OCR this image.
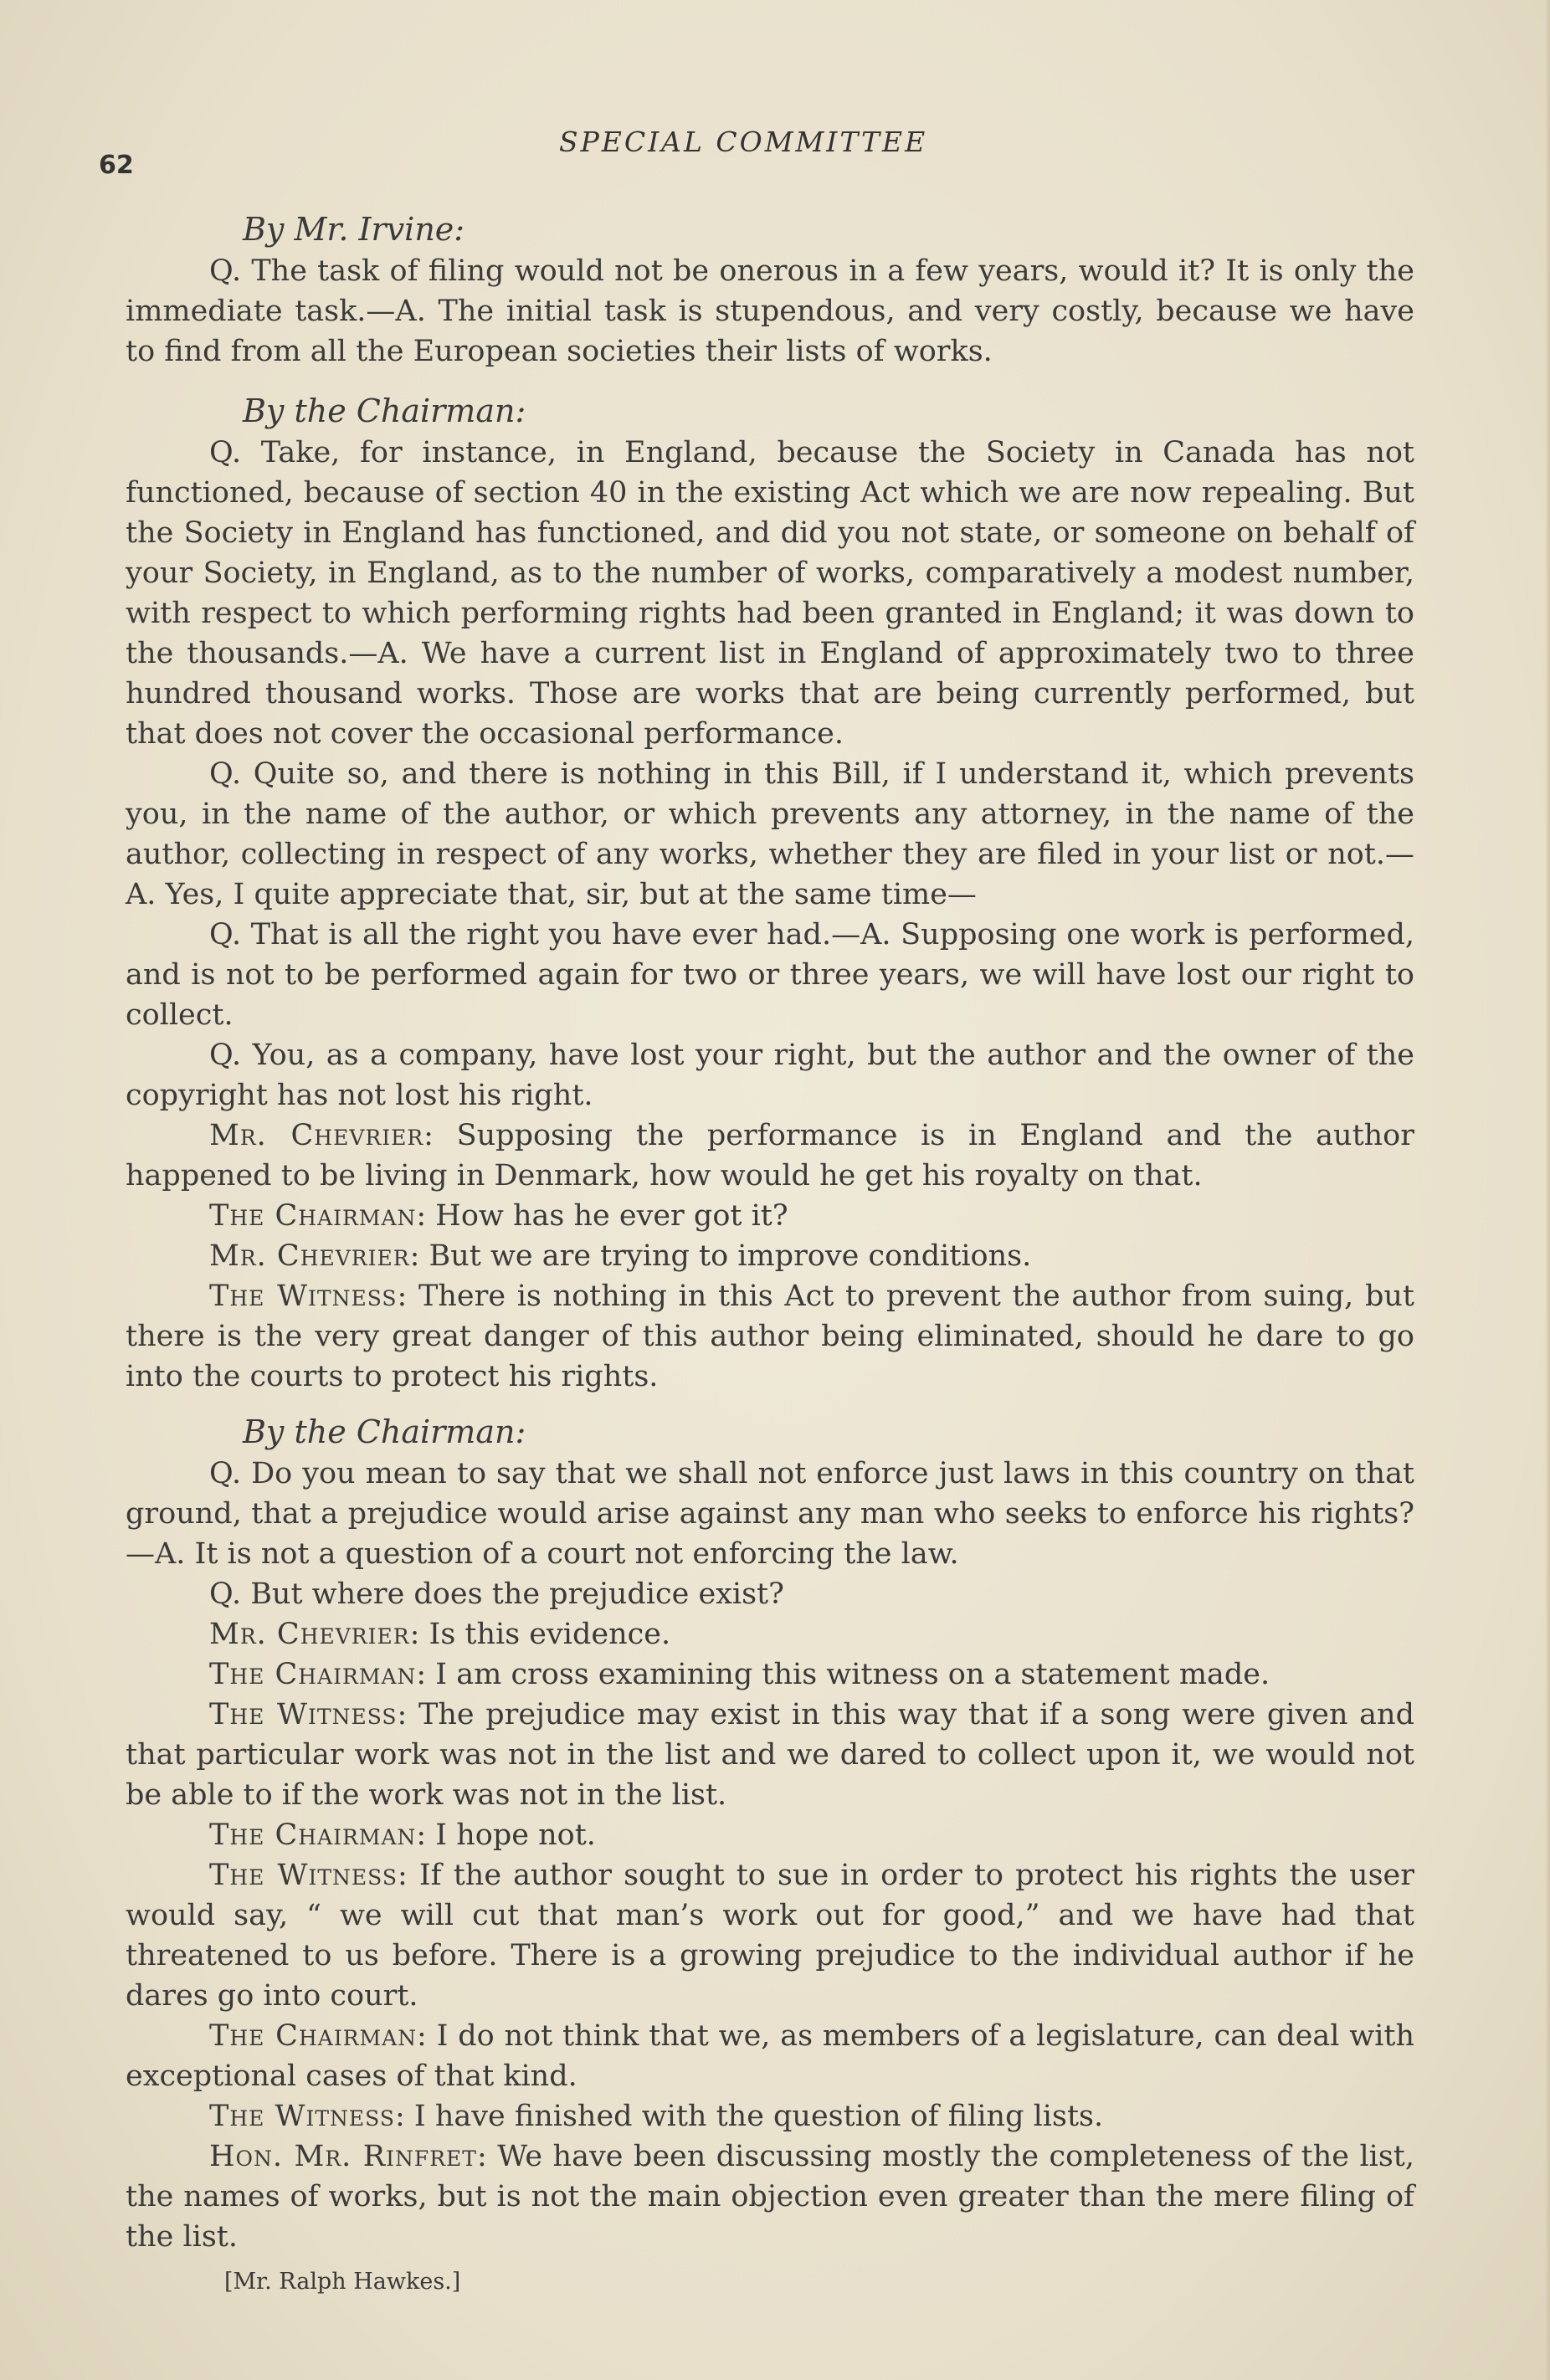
62
SPECIAL COMMITTEE

By Mr. Irvine:

Q. The task of filing would not be onerous in a few years, would it? It is only the immediate task.—A. The initial task is stupendous, and very costly, because we have to find from all the European societies their lists of works.

By the Chairman:

Q. Take, for instance, in England, because the Society in Canada has not functioned, because of section 40 in the existing Act which we are now repealing. But the Society in England has functioned, and did you not state, or someone on behalf of your Society, in England, as to the number of works, comparatively a modest number, with respect to which performing rights had been granted in England; it was down to the thousands.—A. We have a current list in England of approximately two to three hundred thousand works. Those are works that are being currently performed, but that does not cover the occasional performance.

Q. Quite so, and there is nothing in this Bill, if I understand it, which prevents you, in the name of the author, or which prevents any attorney, in the name of the author, collecting in respect of any works, whether they are filed in your list or not.—A. Yes, I quite appreciate that, sir, but at the same time—

Q. That is all the right you have ever had.—A. Supposing one work is performed, and is not to be performed again for two or three years, we will have lost our right to collect.

Q. You, as a company, have lost your right, but the author and the owner of the copyright has not lost his right.

Mr. Chevrier: Supposing the performance is in England and the author happened to be living in Denmark, how would he get his royalty on that.

The Chairman: How has he ever got it?

Mr. Chevrier: But we are trying to improve conditions.

The Witness: There is nothing in this Act to prevent the author from suing, but there is the very great danger of this author being eliminated, should he dare to go into the courts to protect his rights.

By the Chairman:

Q. Do you mean to say that we shall not enforce just laws in this country on that ground, that a prejudice would arise against any man who seeks to enforce his rights?—A. It is not a question of a court not enforcing the law.

Q. But where does the prejudice exist?

Mr. Chevrier: Is this evidence.

The Chairman: I am cross examining this witness on a statement made.

The Witness: The prejudice may exist in this way that if a song were given and that particular work was not in the list and we dared to collect upon it, we would not be able to if the work was not in the list.

The Chairman: I hope not.

The Witness: If the author sought to sue in order to protect his rights the user would say, “ we will cut that man’s work out for good,” and we have had that threatened to us before. There is a growing prejudice to the individual author if he dares go into court.

The Chairman: I do not think that we, as members of a legislature, can deal with exceptional cases of that kind.

The Witness: I have finished with the question of filing lists.

Hon. Mr. Rinfret: We have been discussing mostly the completeness of the list, the names of works, but is not the main objection even greater than the mere filing of the list.

[Mr. Ralph Hawkes.]
